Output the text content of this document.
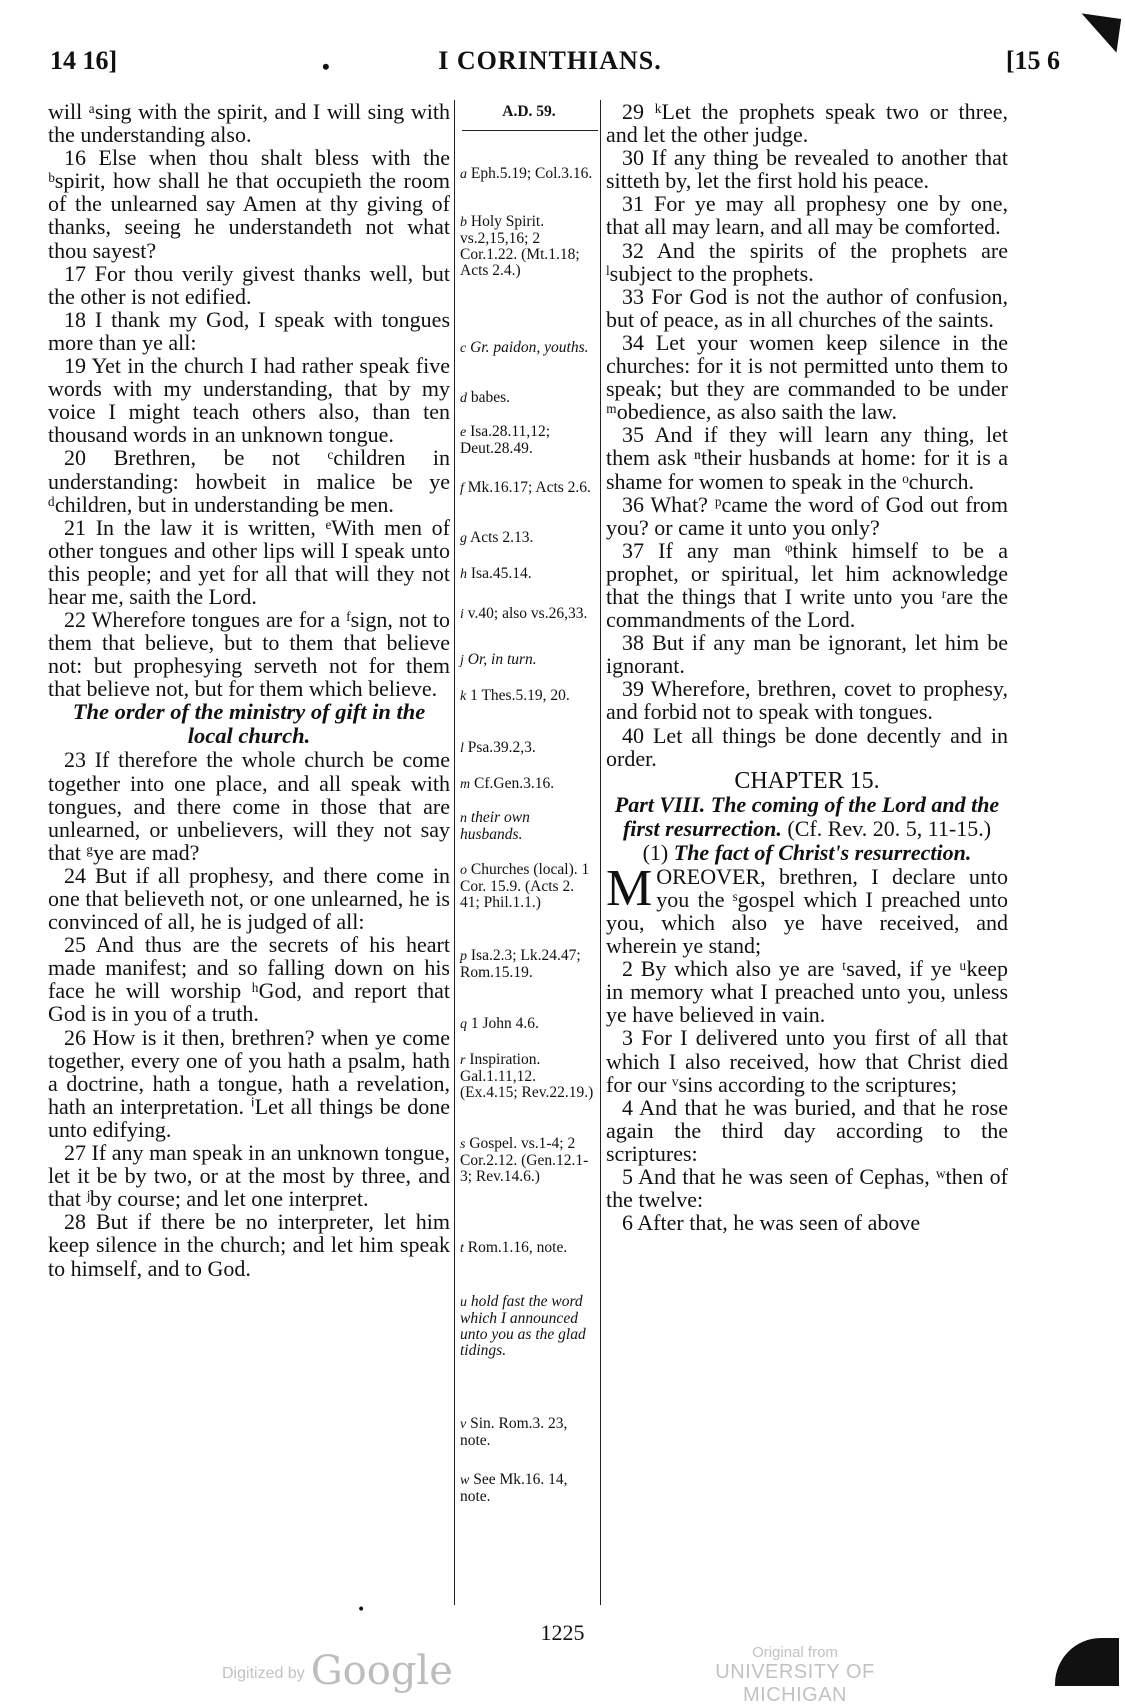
14 16]	•	I CORINTHIANS.	[15 6

will ᵃsing with the spirit, and I will sing with the understanding also.

16 Else when thou shalt bless with the ᵇspirit, how shall he that occupieth the room of the unlearned say Amen at thy giving of thanks, seeing he understandeth not what thou sayest?

17 For thou verily givest thanks well, but the other is not edified.

18 I thank my God, I speak with tongues more than ye all:

19 Yet in the church I had rather speak five words with my understanding, that by my voice I might teach others also, than ten thousand words in an unknown tongue.

20 Brethren, be not ᶜchildren in understanding: howbeit in malice be ye ᵈchildren, but in understanding be men.

21 In the law it is written, ᵉWith men of other tongues and other lips will I speak unto this people; and yet for all that will they not hear me, saith the Lord.

22 Wherefore tongues are for a ᶠsign, not to them that believe, but to them that believe not: but prophesying serveth not for them that believe not, but for them which believe.

The order of the ministry of gift in the local church.

23 If therefore the whole church be come together into one place, and all speak with tongues, and there come in those that are unlearned, or unbelievers, will they not say that ᵍye are mad?

24 But if all prophesy, and there come in one that believeth not, or one unlearned, he is convinced of all, he is judged of all:

25 And thus are the secrets of his heart made manifest; and so falling down on his face he will worship ʰGod, and report that God is in you of a truth.

26 How is it then, brethren? when ye come together, every one of you hath a psalm, hath a doctrine, hath a tongue, hath a revelation, hath an interpretation. ⁱLet all things be done unto edifying.

27 If any man speak in an unknown tongue, let it be by two, or at the most by three, and that ʲby course; and let one interpret.

28 But if there be no interpreter, let him keep silence in the church; and let him speak to himself, and to God.

A.D. 59.
a Eph.5.19; Col.3.16.
b Holy Spirit. vs.2,15,16; 2 Cor.1.22. (Mt.1.18; Acts 2.4.)
c Gr. paidon, youths.
d babes.
e Isa.28.11,12; Deut.28.49.
f Mk.16.17; Acts 2.6.
g Acts 2.13.
h Isa.45.14.
i v.40; also vs.26,33.
j Or, in turn.
k 1 Thes.5.19, 20.
l Psa.39.2,3.
m Cf.Gen.3.16.
n their own husbands.
o Churches (local). 1 Cor. 15.9. (Acts 2. 41; Phil.1.1.)
p Isa.2.3; Lk.24.47; Rom.15.19.
q 1 John 4.6.
r Inspiration. Gal.1.11,12. (Ex.4.15; Rev.22.19.)
s Gospel. vs.1-4; 2 Cor.2.12. (Gen.12.1-3; Rev.14.6.)
t Rom.1.16, note.
u hold fast the word which I announced unto you as the glad tidings.
v Sin. Rom.3. 23, note.
w See Mk.16. 14, note.

29 ᵏLet the prophets speak two or three, and let the other judge.

30 If any thing be revealed to another that sitteth by, let the first hold his peace.

31 For ye may all prophesy one by one, that all may learn, and all may be comforted.

32 And the spirits of the prophets are ˡsubject to the prophets.

33 For God is not the author of confusion, but of peace, as in all churches of the saints.

34 Let your women keep silence in the churches: for it is not permitted unto them to speak; but they are commanded to be under ᵐobedience, as also saith the law.

35 And if they will learn any thing, let them ask ⁿtheir husbands at home: for it is a shame for women to speak in the ᵒchurch.

36 What? ᵖcame the word of God out from you? or came it unto you only?

37 If any man ᵠthink himself to be a prophet, or spiritual, let him acknowledge that the things that I write unto you ʳare the commandments of the Lord.

38 But if any man be ignorant, let him be ignorant.

39 Wherefore, brethren, covet to prophesy, and forbid not to speak with tongues.

40 Let all things be done decently and in order.

CHAPTER 15.

Part VIII. The coming of the Lord and the first resurrection. (Cf. Rev. 20. 5, 11-15.)

(1) The fact of Christ's resurrection.

MOREOVER, brethren, I declare unto you the ˢgospel which I preached unto you, which also ye have received, and wherein ye stand;

2 By which also ye are ᵗsaved, if ye ᵘkeep in memory what I preached unto you, unless ye have believed in vain.

3 For I delivered unto you first of all that which I also received, how that Christ died for our ᵛsins according to the scriptures;

4 And that he was buried, and that he rose again the third day according to the scriptures:

5 And that he was seen of Cephas, ʷthen of the twelve:

6 After that, he was seen of above

•
1225
Digitized by Google	Original from
UNIVERSITY OF MICHIGAN
